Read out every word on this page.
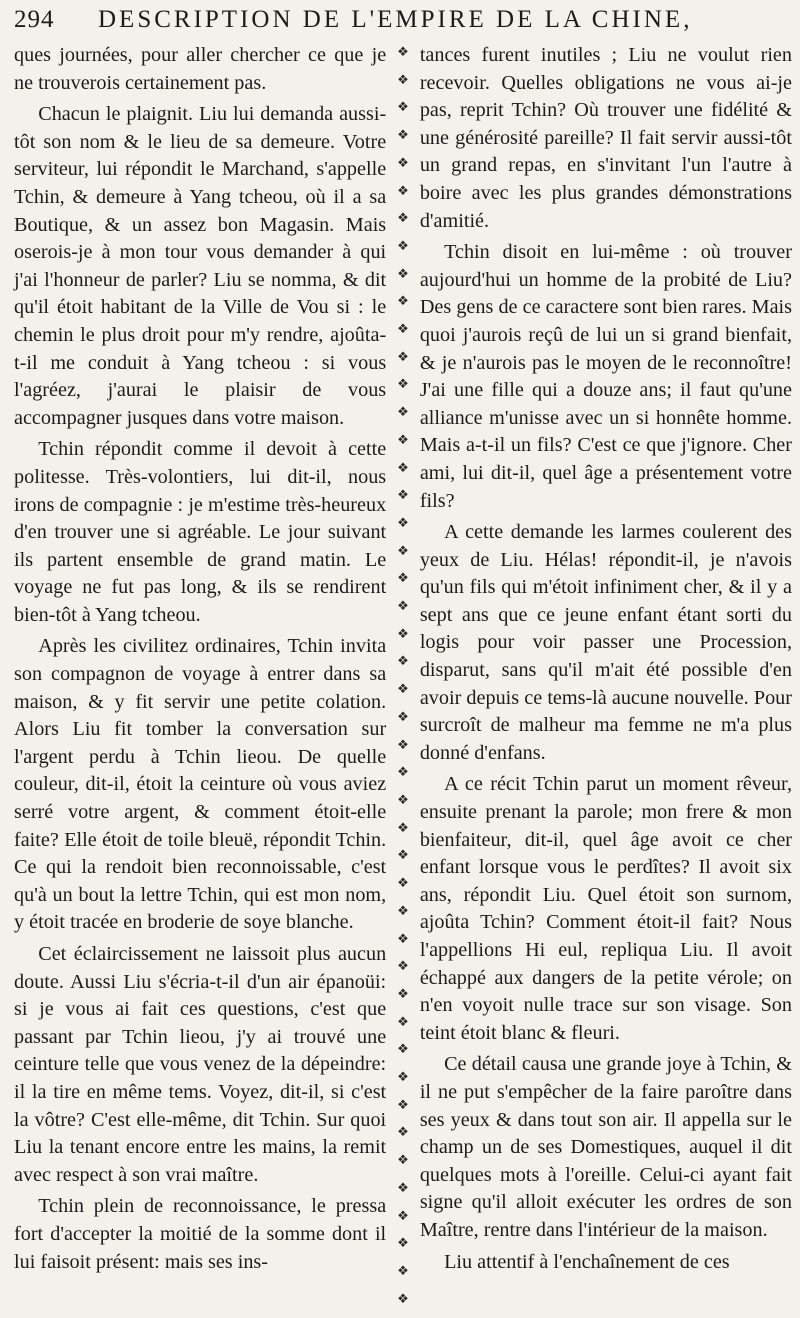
294	DESCRIPTION DE L'EMPIRE DE LA CHINE,

ques journées, pour aller chercher ce que je ne trouverois certainement pas.

Chacun le plaignit. Liu lui demanda aussi-tôt son nom & le lieu de sa demeure. Votre serviteur, lui répondit le Marchand, s'appelle Tchin, & demeure à Yang tcheou, où il a sa Boutique, & un assez bon Magasin. Mais oserois-je à mon tour vous demander à qui j'ai l'honneur de parler? Liu se nomma, & dit qu'il étoit habitant de la Ville de Vou si : le chemin le plus droit pour m'y rendre, ajoûta-t-il me conduit à Yang tcheou : si vous l'agréez, j'aurai le plaisir de vous accompagner jusques dans votre maison.

Tchin répondit comme il devoit à cette politesse. Très-volontiers, lui dit-il, nous irons de compagnie : je m'estime très-heureux d'en trouver une si agréable. Le jour suivant ils partent ensemble de grand matin. Le voyage ne fut pas long, & ils se rendirent bien-tôt à Yang tcheou.

Après les civilitez ordinaires, Tchin invita son compagnon de voyage à entrer dans sa maison, & y fit servir une petite colation. Alors Liu fit tomber la conversation sur l'argent perdu à Tchin lieou. De quelle couleur, dit-il, étoit la ceinture où vous aviez serré votre argent, & comment étoit-elle faite? Elle étoit de toile bleuë, répondit Tchin. Ce qui la rendoit bien reconnoissable, c'est qu'à un bout la lettre Tchin, qui est mon nom, y étoit tracée en broderie de soye blanche.

Cet éclaircissement ne laissoit plus aucun doute. Aussi Liu s'écria-t-il d'un air épanoüi: si je vous ai fait ces questions, c'est que passant par Tchin lieou, j'y ai trouvé une ceinture telle que vous venez de la dépeindre: il la tire en même tems. Voyez, dit-il, si c'est la vôtre? C'est elle-même, dit Tchin. Sur quoi Liu la tenant encore entre les mains, la remit avec respect à son vrai maître.

Tchin plein de reconnoissance, le pressa fort d'accepter la moitié de la somme dont il lui faisoit présent: mais ses ins-

❖
❖
❖
❖
❖
❖
❖
❖
❖
❖
❖
❖
❖
❖
❖
❖
❖
❖
❖
❖
❖
❖
❖
❖
❖
❖
❖
❖
❖
❖
❖
❖
❖
❖
❖
❖
❖
❖
❖
❖
❖
❖
❖
❖
❖
❖

tances furent inutiles ; Liu ne voulut rien recevoir. Quelles obligations ne vous ai-je pas, reprit Tchin? Où trouver une fidélité & une générosité pareille? Il fait servir aussi-tôt un grand repas, en s'invitant l'un l'autre à boire avec les plus grandes démonstrations d'amitié.

Tchin disoit en lui-même : où trouver aujourd'hui un homme de la probité de Liu? Des gens de ce caractere sont bien rares. Mais quoi j'aurois reçû de lui un si grand bienfait, & je n'aurois pas le moyen de le reconnoître! J'ai une fille qui a douze ans; il faut qu'une alliance m'unisse avec un si honnête homme. Mais a-t-il un fils? C'est ce que j'ignore. Cher ami, lui dit-il, quel âge a présentement votre fils?

A cette demande les larmes coulerent des yeux de Liu. Hélas! répondit-il, je n'avois qu'un fils qui m'étoit infiniment cher, & il y a sept ans que ce jeune enfant étant sorti du logis pour voir passer une Procession, disparut, sans qu'il m'ait été possible d'en avoir depuis ce tems-là aucune nouvelle. Pour surcroît de malheur ma femme ne m'a plus donné d'enfans.

A ce récit Tchin parut un moment rêveur, ensuite prenant la parole; mon frere & mon bienfaiteur, dit-il, quel âge avoit ce cher enfant lorsque vous le perdîtes? Il avoit six ans, répondit Liu. Quel étoit son surnom, ajoûta Tchin? Comment étoit-il fait? Nous l'appellions Hi eul, repliqua Liu. Il avoit échappé aux dangers de la petite vérole; on n'en voyoit nulle trace sur son visage. Son teint étoit blanc & fleuri.

Ce détail causa une grande joye à Tchin, & il ne put s'empêcher de la faire paroître dans ses yeux & dans tout son air. Il appella sur le champ un de ses Domestiques, auquel il dit quelques mots à l'oreille. Celui-ci ayant fait signe qu'il alloit exécuter les ordres de son Maître, rentre dans l'intérieur de la maison.

Liu attentif à l'enchaînement de ces
